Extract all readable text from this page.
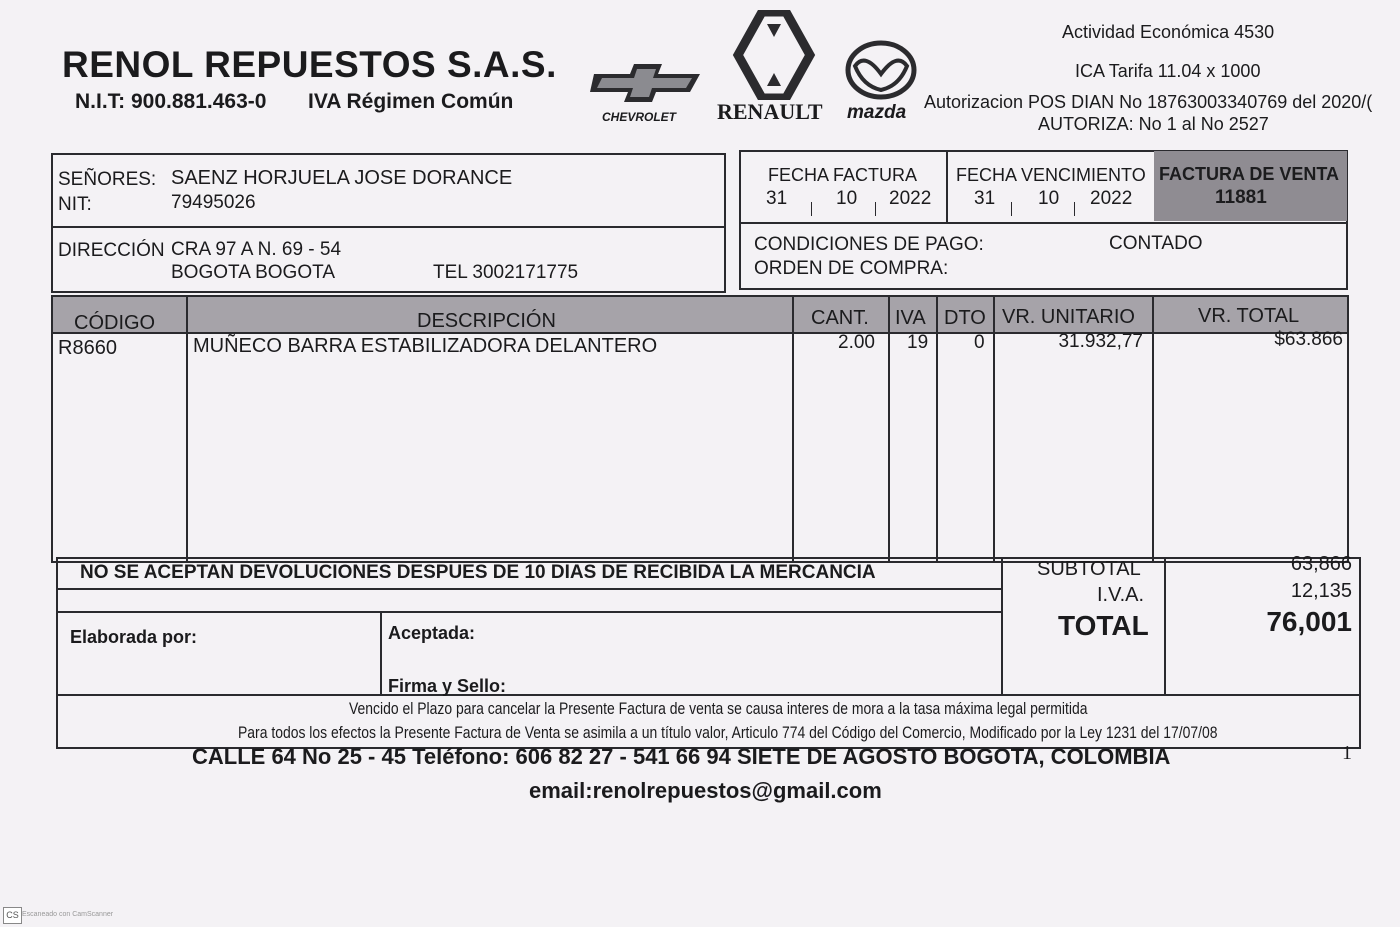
RENOL REPUESTOS S.A.S.
N.I.T: 900.881.463-0 IVA Régimen Común
CHEVROLET RENAULT mazda
Actividad Económica 4530
ICA Tarifa 11.04 x 1000
Autorizacion POS DIAN No 18763003340769 del 2020/(
AUTORIZA: No 1 al No 2527
SEÑORES: SAENZ HORJUELA JOSE DORANCE
NIT:	79495026
DIRECCIÓN CRA 97 A N. 69 - 54
BOGOTA BOGOTA	TEL 3002171775
FECHA FACTURA
31	10 2022
FECHA VENCIMIENTO
31 10 2022
FACTURA DE VENTA
11881
CONDICIONES DE PAGO:	CONTADO
ORDEN DE COMPRA:
CÓDIGO	DESCRIPCIÓN	CANT. IVA DTO VR. UNITARIO	VR. TOTAL
R8660	MUÑECO BARRA ESTABILIZADORA DELANTERO	2.00 19 0	31.932,77	$63.866
NO SE ACEPTAN DEVOLUCIONES DESPUES DE 10 DIAS DE RECIBIDA LA MERCANCIA	SUBTOTAL	63,866
I.V.A.	12,135
TOTAL	76,001
Elaborada por:	Aceptada:
Firma y Sello:
Vencido el Plazo para cancelar la Presente Factura de venta se causa interes de mora a la tasa máxima legal permitida
Para todos los efectos la Presente Factura de Venta se asimila a un título valor, Articulo 774 del Código del Comercio, Modificado por la Ley 1231 del 17/07/08
CALLE 64 No 25 - 45 Teléfono: 606 82 27 - 541 66 94 SIETE DE AGOSTO BOGOTA, COLOMBIA	1
email:renolrepuestos@gmail.com
CS Escaneado con CamScanner
